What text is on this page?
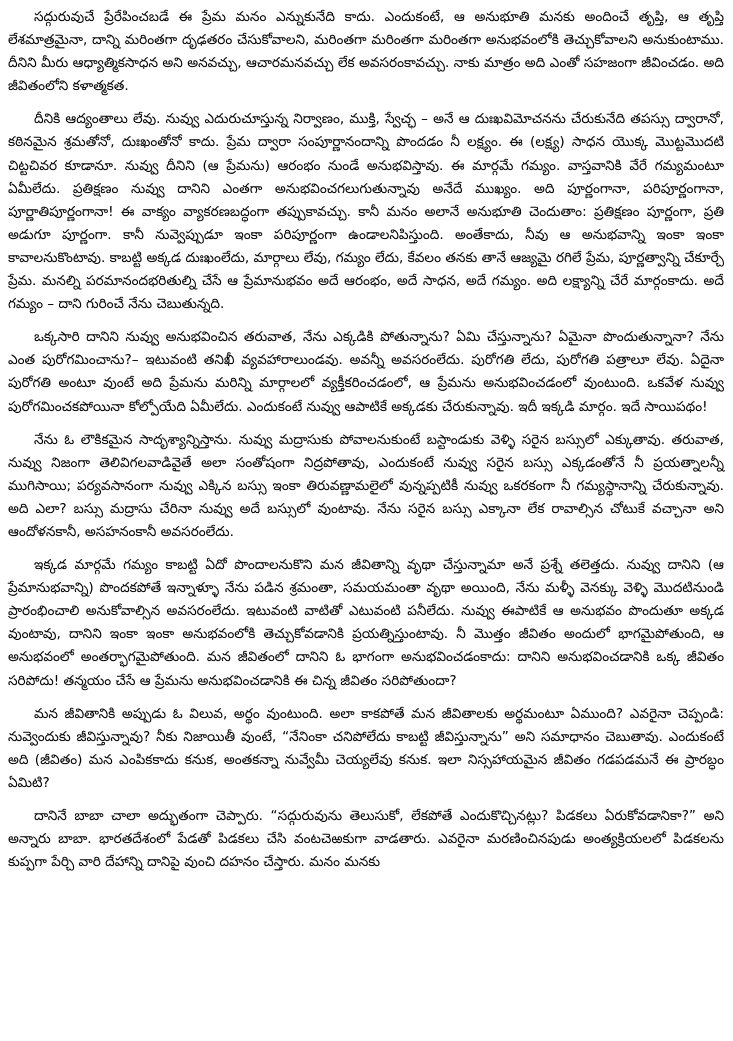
సద్గురువుచే ప్రేరేపించబడే ఈ ప్రేమ మనం ఎన్నుకునేది కాదు. ఎందుకంటే, ఆ అనుభూతి మనకు అందించే తృప్తి, ఆ తృప్తి లేశమాత్రమైనా, దాన్ని మరింతగా దృఢతరం చేసుకోవాలని, మరింతగా మరింతగా మరింతగా అనుభవంలోకి తెచ్చుకోవాలని అనుకుంటాము. దీనిని మీరు ఆధ్యాత్మికసాధన అని అనవచ్చు, ఆచారమనవచ్చు లేక అవసరంకావచ్చు. నాకు మాత్రం అది ఎంతో సహజంగా జీవించడం. అది జీవితంలోని కళాత్మకత.

దీనికి ఆద్యంతాలు లేవు. నువ్వు ఎదురుచూస్తున్న నిర్వాణం, ముక్తి, స్వేచ్ఛ – అనే ఆ దుఃఖవిమోచనను చేరుకునేది తపస్సు ద్వారానో, కఠినమైన శ్రమతోనో, దుఃఖంతోనో కాదు. ప్రేమ ద్వారా సంపూర్ణానందాన్ని పొందడం నీ లక్ష్యం. ఈ (లక్ష్య) సాధన యొక్క మొట్టమొదటి చిట్టచివర కూడానూ. నువ్వు దీనిని (ఆ ప్రేమను) ఆరంభం నుండే అనుభవిస్తావు. ఈ మార్గమే గమ్యం. వాస్తవానికి వేరే గమ్యమంటూ ఏమీలేదు. ప్రతిక్షణం నువ్వు దానిని ఎంతగా అనుభవించగలుగుతున్నావు అనేదే ముఖ్యం. అది పూర్ణంగానా, పరిపూర్ణంగానా, పూర్ణాతిపూర్ణంగానా! ఈ వాక్యం వ్యాకరణబద్ధంగా తప్పుకావచ్చు. కానీ మనం అలానే అనుభూతి చెందుతాం: ప్రతిక్షణం పూర్ణంగా, ప్రతి అడుగూ పూర్ణంగా. కానీ నువ్వెప్పుడూ ఇంకా పరిపూర్ణంగా ఉండాలనిపిస్తుంది. అంతేకాదు, నీవు ఆ అనుభవాన్ని ఇంకా ఇంకా కావాలనుకొంటావు. కాబట్టి అక్కడ దుఃఖంలేదు, మార్గాలు లేవు, గమ్యం లేదు, కేవలం తనకు తానే ఆజ్యమై రగిలే ప్రేమ, పూర్ణత్వాన్ని చేకూర్చే ప్రేమ. మనల్ని పరమానందభరితుల్ని చేసే ఆ ప్రేమానుభవం అదే ఆరంభం, అదే సాధన, అదే గమ్యం. అది లక్ష్యాన్ని చేరే మార్గంకాదు. అదే గమ్యం – దాని గురించే నేను చెబుతున్నది.

ఒక్కసారి దానిని నువ్వు అనుభవించిన తరువాత, నేను ఎక్కడికి పోతున్నాను? ఏమి చేస్తున్నాను? ఏమైనా పొందుతున్నానా? నేను ఎంత పురోగమించాను?– ఇటువంటి తనిఖీ వ్యవహారాలుండవు. అవన్నీ అవసరంలేదు. పురోగతి లేదు, పురోగతి పత్రాలూ లేవు. ఏదైనా పురోగతి అంటూ వుంటే అది ప్రేమను మరిన్ని మార్గాలలో వ్యక్తీకరించడంలో, ఆ ప్రేమను అనుభవించడంలో వుంటుంది. ఒకవేళ నువ్వు పురోగమించకపోయినా కోల్పోయేది ఏమీలేదు. ఎందుకంటే నువ్వు ఆపాటికే అక్కడకు చేరుకున్నావు. ఇదీ ఇక్కడి మార్గం. ఇదే సాయిపథం!

నేను ఓ లౌకికమైన సాదృశ్యాన్నిస్తాను. నువ్వు మద్రాసుకు పోవాలనుకుంటే బస్టాండుకు వెళ్ళి సరైన బస్సులో ఎక్కుతావు. తరువాత, నువ్వు నిజంగా తెలివిగలవాడివైతే అలా సంతోషంగా నిద్రపోతావు, ఎందుకంటే నువ్వు సరైన బస్సు ఎక్కడంతోనే నీ ప్రయత్నాలన్నీ ముగిసాయి; పర్యవసానంగా నువ్వు ఎక్కిన బస్సు ఇంకా తిరువణ్ణామలైలో వున్నప్పటికీ నువ్వు ఒకరకంగా నీ గమ్యస్థానాన్ని చేరుకున్నావు. అది ఎలా? బస్సు మద్రాసు చేరినా నువ్వు అదే బస్సులో వుంటావు. నేను సరైన బస్సు ఎక్కానా లేక రావాల్సిన చోటుకే వచ్చానా అని ఆందోళనకానీ, అసహనంకానీ అవసరంలేదు.

ఇక్కడ మార్గమే గమ్యం కాబట్టి ఏదో పొందాలనుకొని మన జీవితాన్ని వృథా చేస్తున్నామా అనే ప్రశ్నే తలెత్తదు. నువ్వు దానిని (ఆ ప్రేమానుభవాన్ని) పొందకపోతే ఇన్నాళ్ళూ నేను పడిన శ్రమంతా, సమయమంతా వృథా అయింది, నేను మళ్ళీ వెనక్కు వెళ్ళి మొదటినుండి ప్రారంభించాలి అనుకోవాల్సిన అవసరంలేదు. ఇటువంటి వాటితో ఎటువంటి పనీలేదు. నువ్వు ఈపాటికే ఆ అనుభవం పొందుతూ అక్కడ వుంటావు, దానిని ఇంకా ఇంకా అనుభవంలోకి తెచ్చుకోవడానికి ప్రయత్నిస్తుంటావు. నీ మొత్తం జీవితం అందులో భాగమైపోతుంది, ఆ అనుభవంలో అంతర్భాగమైపోతుంది. మన జీవితంలో దానిని ఓ భాగంగా అనుభవించడంకాదు: దానిని అనుభవించడానికి ఒక్క జీవితం సరిపోదు! తన్మయం చేసే ఆ ప్రేమను అనుభవించడానికి ఈ చిన్న జీవితం సరిపోతుందా?

మన జీవితానికి అప్పుడు ఓ విలువ, అర్థం వుంటుంది. అలా కాకపోతే మన జీవితాలకు అర్థమంటూ ఏముంది? ఎవరైనా చెప్పండి: నువ్వెందుకు జీవిస్తున్నావు? నీకు నిజాయితీ వుంటే, “నేనింకా చనిపోలేదు కాబట్టి జీవిస్తున్నాను” అని సమాధానం చెబుతావు. ఎందుకంటే అది (జీవితం) మన ఎంపికకాదు కనుక, అంతకన్నా నువ్వేమీ చెయ్యలేవు కనుక. ఇలా నిస్సహాయమైన జీవితం గడపడమనే ఈ ప్రారబ్ధం ఏమిటి?

దానినే బాబా చాలా అద్భుతంగా చెప్పారు. “సద్గురువును తెలుసుకో, లేకపోతే ఎందుకొచ్చినట్లు? పిడకలు ఏరుకోవడానికా?” అని అన్నారు బాబా. భారతదేశంలో పేడతో పిడకలు చేసి వంటచెఱకుగా వాడతారు. ఎవరైనా మరణించినపుడు అంత్యక్రియలలో పిడకలను కుప్పగా పేర్చి వారి దేహాన్ని దానిపై వుంచి దహనం చేస్తారు. మనం మనకు
